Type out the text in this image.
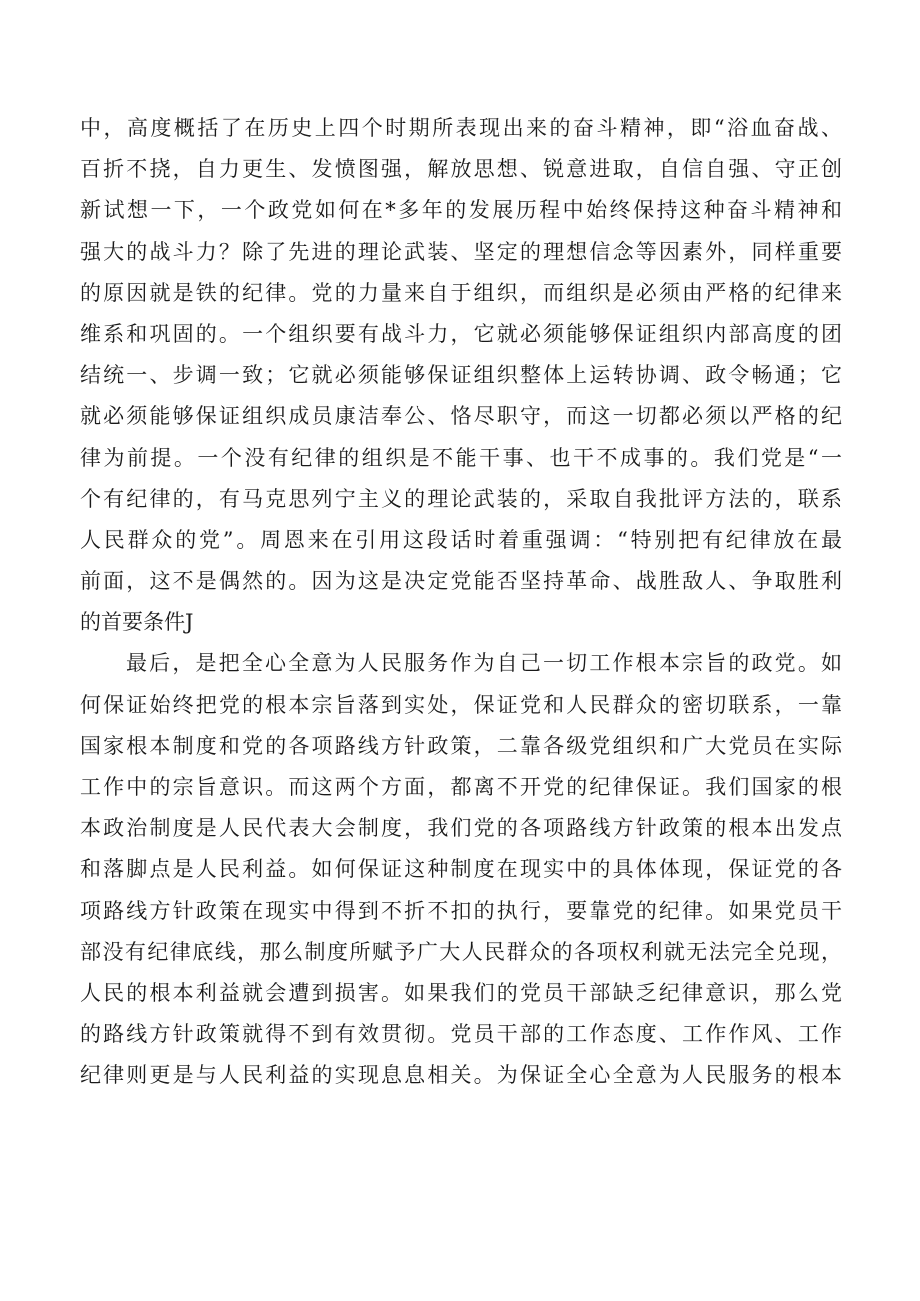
中，高度概括了在历史上四个时期所表现出来的奋斗精神，即“浴血奋战、
百折不挠，自力更生、发愤图强，解放思想、锐意进取，自信自强、守正创
新试想一下，一个政党如何在*多年的发展历程中始终保持这种奋斗精神和
强大的战斗力？除了先进的理论武装、坚定的理想信念等因素外，同样重要
的原因就是铁的纪律。党的力量来自于组织，而组织是必须由严格的纪律来
维系和巩固的。一个组织要有战斗力，它就必须能够保证组织内部高度的团
结统一、步调一致；它就必须能够保证组织整体上运转协调、政令畅通；它
就必须能够保证组织成员康洁奉公、恪尽职守，而这一切都必须以严格的纪
律为前提。一个没有纪律的组织是不能干事、也干不成事的。我们党是“一
个有纪律的，有马克思列宁主义的理论武装的，采取自我批评方法的，联系
人民群众的党”。周恩来在引用这段话时着重强调：“特别把有纪律放在最
前面，这不是偶然的。因为这是决定党能否坚持革命、战胜敌人、争取胜利
的首要条件J
最后，是把全心全意为人民服务作为自己一切工作根本宗旨的政党。如
何保证始终把党的根本宗旨落到实处，保证党和人民群众的密切联系，一靠
国家根本制度和党的各项路线方针政策，二靠各级党组织和广大党员在实际
工作中的宗旨意识。而这两个方面，都离不开党的纪律保证。我们国家的根
本政治制度是人民代表大会制度，我们党的各项路线方针政策的根本出发点
和落脚点是人民利益。如何保证这种制度在现实中的具体体现，保证党的各
项路线方针政策在现实中得到不折不扣的执行，要靠党的纪律。如果党员干
部没有纪律底线，那么制度所赋予广大人民群众的各项权利就无法完全兑现，
人民的根本利益就会遭到损害。如果我们的党员干部缺乏纪律意识，那么党
的路线方针政策就得不到有效贯彻。党员干部的工作态度、工作作风、工作
纪律则更是与人民利益的实现息息相关。为保证全心全意为人民服务的根本
